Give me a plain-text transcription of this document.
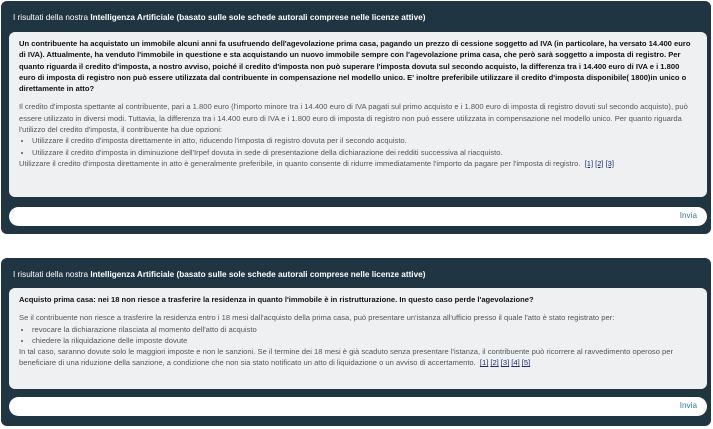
I risultati della nostra Intelligenza Artificiale (basato sulle sole schede autorali comprese nelle licenze attive)
Un contribuente ha acquistato un immobile alcuni anni fa usufruendo dell'agevolazione prima casa, pagando un prezzo di cessione soggetto ad IVA (in particolare, ha versato 14.400 euro di IVA). Attualmente, ha venduto l'immobile in questione e sta acquistando un nuovo immobile sempre con l'agevolazione prima casa, che però sarà soggetto a imposta di registro. Per quanto riguarda il credito d'imposta, a nostro avviso, poiché il credito d'imposta non può superare l'imposta dovuta sul secondo acquisto, la differenza tra i 14.400 euro di IVA e i 1.800 euro di imposta di registro non può essere utilizzata dal contribuente in compensazione nel modello unico. E' inoltre preferibile utilizzare il credito d'imposta disponibile( 1800)in unico o direttamente in atto?

Il credito d'imposta spettante al contribuente, pari a 1.800 euro (l'importo minore tra i 14.400 euro di IVA pagati sul primo acquisto e i 1.800 euro di imposta di registro dovuti sul secondo acquisto), può essere utilizzato in diversi modi. Tuttavia, la differenza tra i 14.400 euro di IVA e i 1.800 euro di imposta di registro non può essere utilizzata in compensazione nel modello unico. Per quanto riguarda l'utilizzo del credito d'imposta, il contribuente ha due opzioni:

• Utilizzare il credito d'imposta direttamente in atto, riducendo l'imposta di registro dovuta per il secondo acquisto.
• Utilizzare il credito d'imposta in diminuzione dell'Irpef dovuta in sede di presentazione della dichiarazione dei redditi successiva al riacquisto.

Utilizzare il credito d'imposta direttamente in atto è generalmente preferibile, in quanto consente di ridurre immediatamente l'importo da pagare per l'imposta di registro. [1] [2] [3]

Invia
I risultati della nostra Intelligenza Artificiale (basato sulle sole schede autorali comprese nelle licenze attive)
Acquisto prima casa: nei 18 non riesce a trasferire la residenza in quanto l'immobile è in ristrutturazione. In questo caso perde l'agevolazione?

Se il contribuente non riesce a trasferire la residenza entro i 18 mesi dall'acquisto della prima casa, può presentare un'istanza all'ufficio presso il quale l'atto è stato registrato per:

• revocare la dichiarazione rilasciata al momento dell'atto di acquisto
• chiedere la riliquidazione delle imposte dovute

In tal caso, saranno dovute solo le maggiori imposte e non le sanzioni. Se il termine dei 18 mesi è già scaduto senza presentare l'istanza, il contribuente può ricorrere al ravvedimento operoso per beneficiare di una riduzione della sanzione, a condizione che non sia stato notificato un atto di liquidazione o un avviso di accertamento. [1] [2] [3] [4] [5]

Invia
